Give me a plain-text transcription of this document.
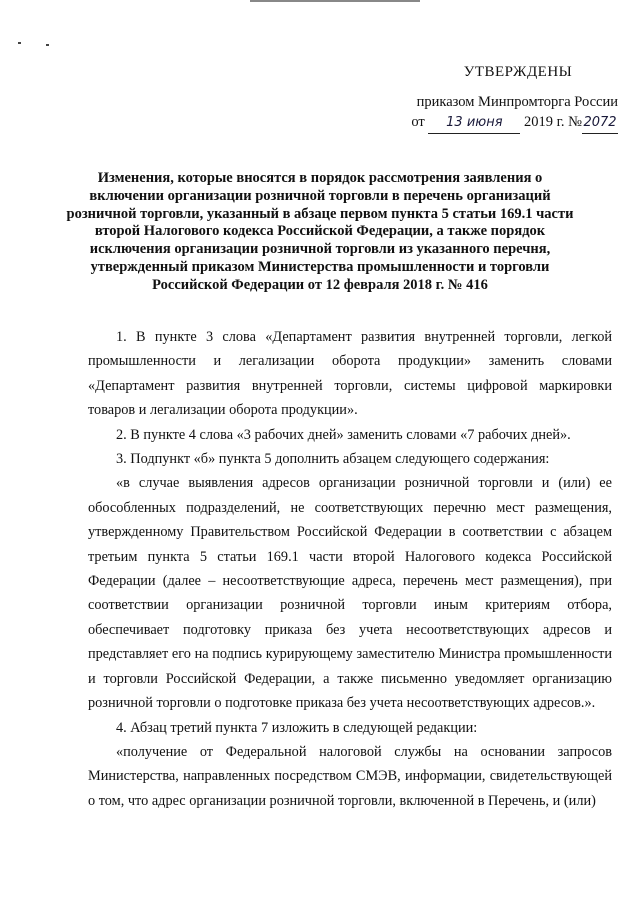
УТВЕРЖДЕНЫ
приказом Минпромторга России
от 13 июня 2019 г. №2072
Изменения, которые вносятся в порядок рассмотрения заявления о включении организации розничной торговли в перечень организаций розничной торговли, указанный в абзаце первом пункта 5 статьи 169.1 части второй Налогового кодекса Российской Федерации, а также порядок исключения организации розничной торговли из указанного перечня, утвержденный приказом Министерства промышленности и торговли Российской Федерации от 12 февраля 2018 г. № 416

1. В пункте 3 слова «Департамент развития внутренней торговли, легкой промышленности и легализации оборота продукции» заменить словами «Департамент развития внутренней торговли, системы цифровой маркировки товаров и легализации оборота продукции».

2. В пункте 4 слова «3 рабочих дней» заменить словами «7 рабочих дней».

3. Подпункт «б» пункта 5 дополнить абзацем следующего содержания:

«в случае выявления адресов организации розничной торговли и (или) ее обособленных подразделений, не соответствующих перечню мест размещения, утвержденному Правительством Российской Федерации в соответствии с абзацем третьим пункта 5 статьи 169.1 части второй Налогового кодекса Российской Федерации (далее – несоответствующие адреса, перечень мест размещения), при соответствии организации розничной торговли иным критериям отбора, обеспечивает подготовку приказа без учета несоответствующих адресов и представляет его на подпись курирующему заместителю Министра промышленности и торговли Российской Федерации, а также письменно уведомляет организацию розничной торговли о подготовке приказа без учета несоответствующих адресов.».

4. Абзац третий пункта 7 изложить в следующей редакции:

«получение от Федеральной налоговой службы на основании запросов Министерства, направленных посредством СМЭВ, информации, свидетельствующей о том, что адрес организации розничной торговли, включенной в Перечень, и (или)
